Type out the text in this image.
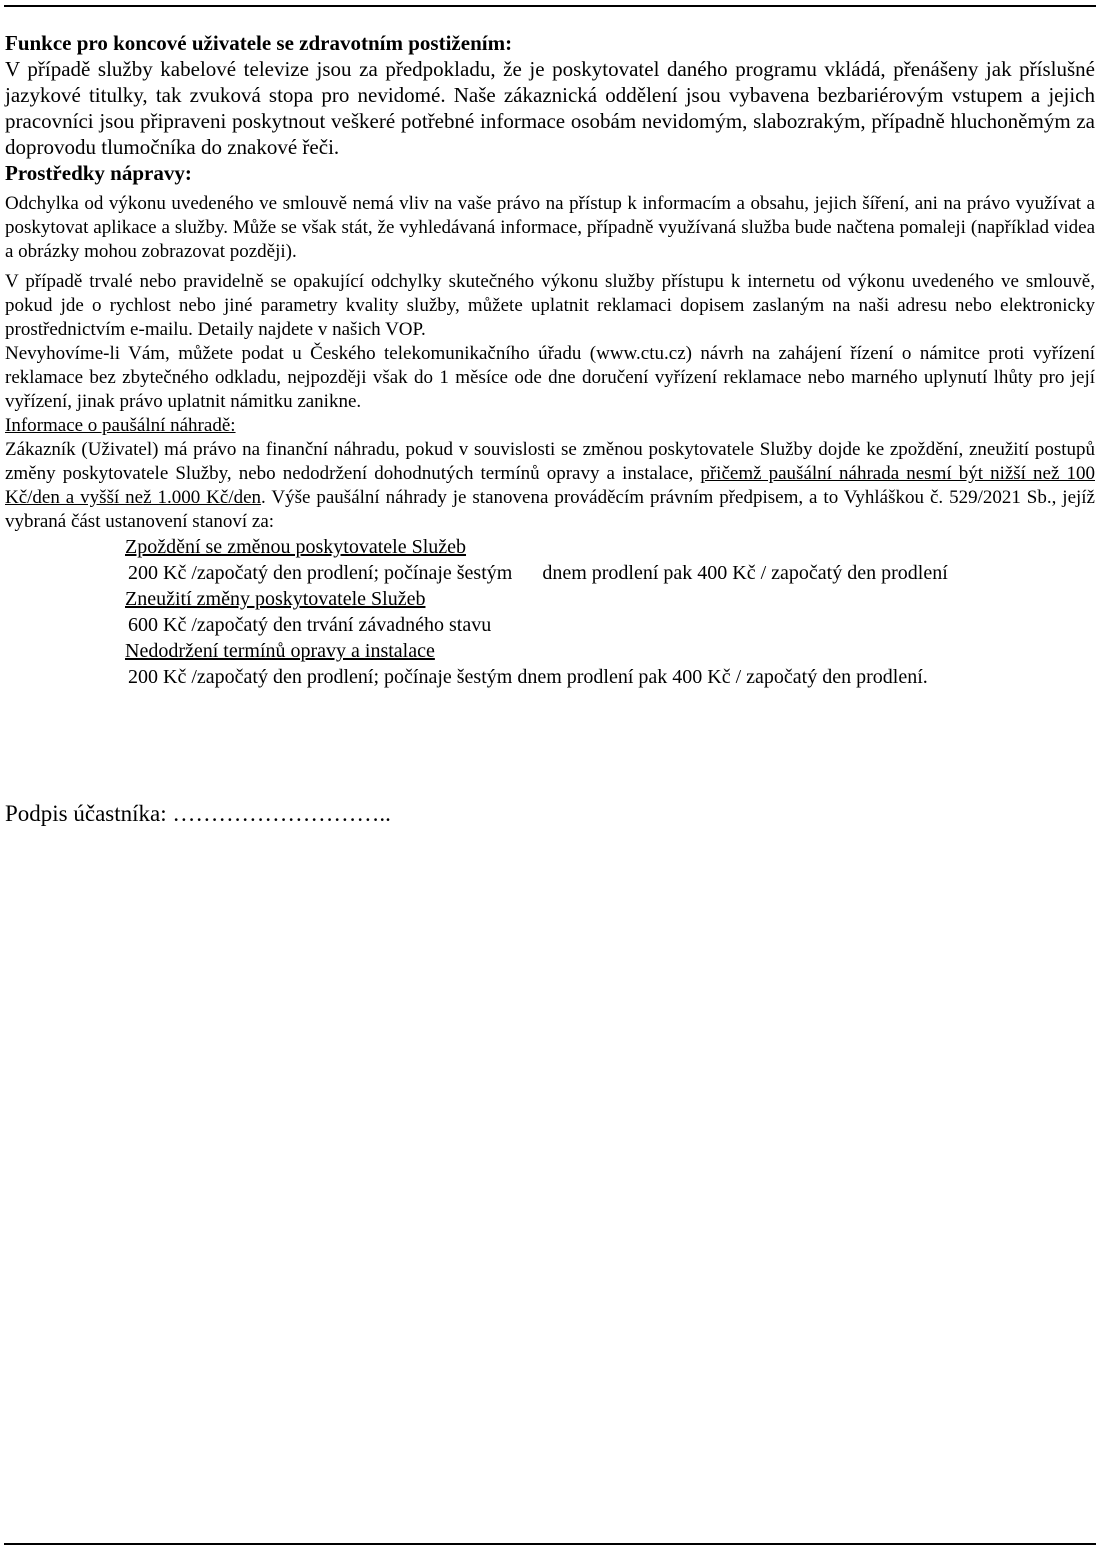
Funkce pro koncové uživatele se zdravotním postižením:

V případě služby kabelové televize jsou za předpokladu, že je poskytovatel daného programu vkládá, přenášeny jak příslušné jazykové titulky, tak zvuková stopa pro nevidomé. Naše zákaznická oddělení jsou vybavena bezbariérovým vstupem a jejich pracovníci jsou připraveni poskytnout veškeré potřebné informace osobám nevidomým, slabozrakým, případně hluchoněmým za doprovodu tlumočníka do znakové řeči.

Prostředky nápravy:

Odchylka od výkonu uvedeného ve smlouvě nemá vliv na vaše právo na přístup k informacím a obsahu, jejich šíření, ani na právo využívat a poskytovat aplikace a služby. Může se však stát, že vyhledávaná informace, případně využívaná služba bude načtena pomaleji (například videa a obrázky mohou zobrazovat později).

V případě trvalé nebo pravidelně se opakující odchylky skutečného výkonu služby přístupu k internetu od výkonu uvedeného ve smlouvě, pokud jde o rychlost nebo jiné parametry kvality služby, můžete uplatnit reklamaci dopisem zaslaným na naši adresu nebo elektronicky prostřednictvím e-mailu. Detaily najdete v našich VOP.

Nevyhovíme-li Vám, můžete podat u Českého telekomunikačního úřadu (www.ctu.cz) návrh na zahájení řízení o námitce proti vyřízení reklamace bez zbytečného odkladu, nejpozději však do 1 měsíce ode dne doručení vyřízení reklamace nebo marného uplynutí lhůty pro její vyřízení, jinak právo uplatnit námitku zanikne.

Informace o paušální náhradě:

Zákazník (Uživatel) má právo na finanční náhradu, pokud v souvislosti se změnou poskytovatele Služby dojde ke zpoždění, zneužití postupů změny poskytovatele Služby, nebo nedodržení dohodnutých termínů opravy a instalace, přičemž paušální náhrada nesmí být nižší než 100 Kč/den a vyšší než 1.000 Kč/den. Výše paušální náhrady je stanovena prováděcím právním předpisem, a to Vyhláškou č. 529/2021 Sb., jejíž vybraná část ustanovení stanoví za:

Zpoždění se změnou poskytovatele Služeb
200 Kč /započatý den prodlení; počínaje šestým      dnem prodlení pak 400 Kč / započatý den prodlení
Zneužití změny poskytovatele Služeb
600 Kč /započatý den trvání závadného stavu
Nedodržení termínů opravy a instalace
200 Kč /započatý den prodlení; počínaje šestým dnem prodlení pak 400 Kč / započatý den prodlení.
Podpis účastníka: ………………………..
